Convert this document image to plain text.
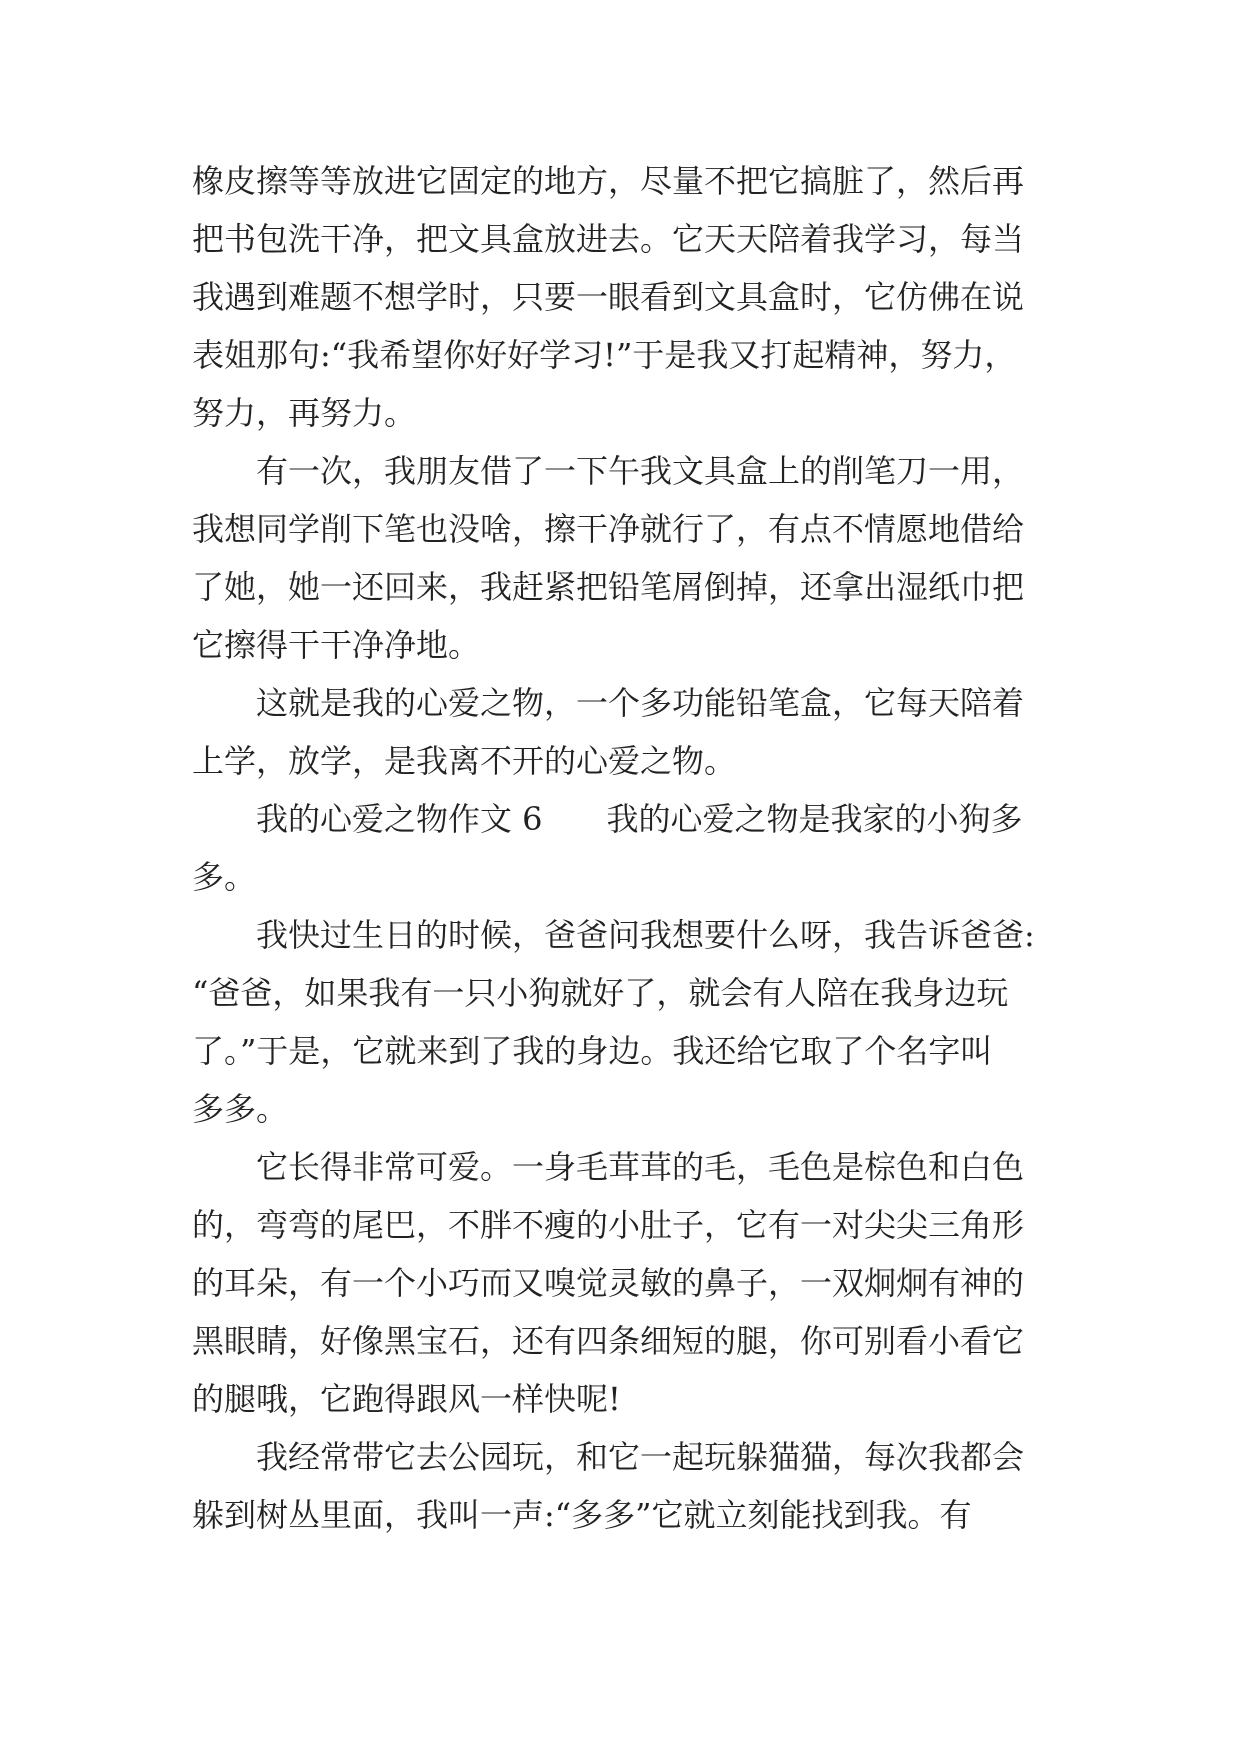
橡皮擦等等放进它固定的地方，尽量不把它搞脏了，然后再
把书包洗干净，把文具盒放进去。它天天陪着我学习，每当
我遇到难题不想学时，只要一眼看到文具盒时，它仿佛在说
表姐那句:“我希望你好好学习!”于是我又打起精神，努力，
努力，再努力。
有一次，我朋友借了一下午我文具盒上的削笔刀一用，
我想同学削下笔也没啥，擦干净就行了，有点不情愿地借给
了她，她一还回来，我赶紧把铅笔屑倒掉，还拿出湿纸巾把
它擦得干干净净地。
这就是我的心爱之物，一个多功能铅笔盒，它每天陪着
上学，放学，是我离不开的心爱之物。
我的心爱之物作文 6　　我的心爱之物是我家的小狗多
多。
我快过生日的时候，爸爸问我想要什么呀，我告诉爸爸:
“爸爸，如果我有一只小狗就好了，就会有人陪在我身边玩
了。”于是，它就来到了我的身边。我还给它取了个名字叫
多多。
它长得非常可爱。一身毛茸茸的毛，毛色是棕色和白色
的，弯弯的尾巴，不胖不瘦的小肚子，它有一对尖尖三角形
的耳朵，有一个小巧而又嗅觉灵敏的鼻子，一双炯炯有神的
黑眼睛，好像黑宝石，还有四条细短的腿，你可别看小看它
的腿哦，它跑得跟风一样快呢!
我经常带它去公园玩，和它一起玩躲猫猫，每次我都会
躲到树丛里面，我叫一声:“多多”它就立刻能找到我。有
